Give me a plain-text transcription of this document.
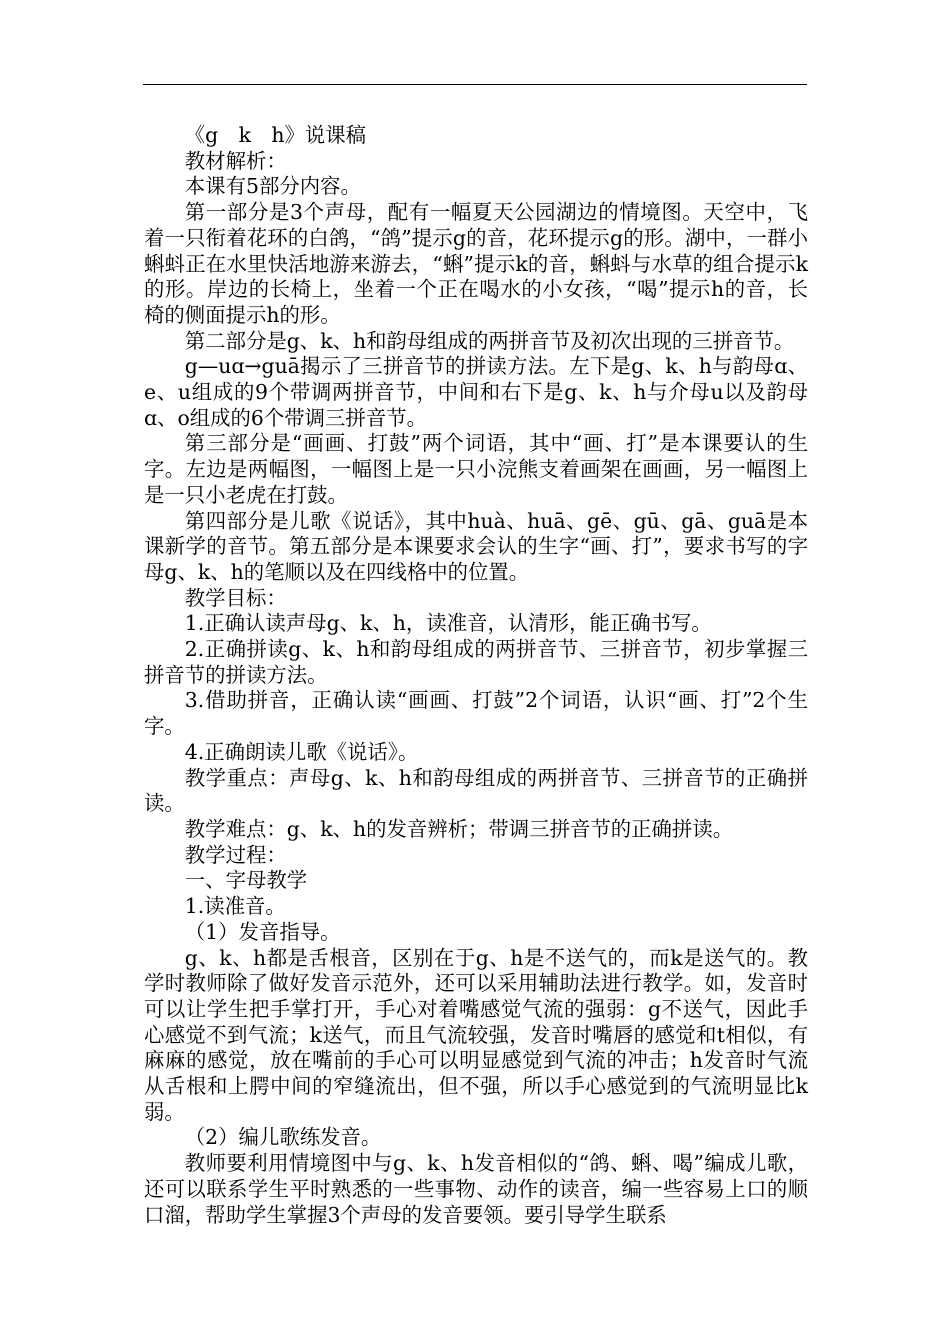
《g　k　h》说课稿

教材解析：

本课有5部分内容。

第一部分是3个声母，配有一幅夏天公园湖边的情境图。天空中，飞着一只衔着花环的白鸽，“鸽”提示g的音，花环提示g的形。湖中，一群小蝌蚪正在水里快活地游来游去，“蝌”提示k的音，蝌蚪与水草的组合提示k的形。岸边的长椅上，坐着一个正在喝水的小女孩，“喝”提示h的音，长椅的侧面提示h的形。

第二部分是g、k、h和韵母组成的两拼音节及初次出现的三拼音节。

g—uɑ→guā揭示了三拼音节的拼读方法。左下是g、k、h与韵母ɑ、e、u组成的9个带调两拼音节，中间和右下是g、k、h与介母u以及韵母ɑ、o组成的6个带调三拼音节。

第三部分是“画画、打鼓”两个词语，其中“画、打”是本课要认的生字。左边是两幅图，一幅图上是一只小浣熊支着画架在画画，另一幅图上是一只小老虎在打鼓。

第四部分是儿歌《说话》，其中huà、huā、gē、gū、gā、guā是本课新学的音节。第五部分是本课要求会认的生字“画、打”，要求书写的字母g、k、h的笔顺以及在四线格中的位置。

教学目标：

1.正确认读声母g、k、h，读准音，认清形，能正确书写。

2.正确拼读g、k、h和韵母组成的两拼音节、三拼音节，初步掌握三拼音节的拼读方法。

3.借助拼音，正确认读“画画、打鼓”2个词语，认识“画、打”2个生字。

4.正确朗读儿歌《说话》。

教学重点：声母g、k、h和韵母组成的两拼音节、三拼音节的正确拼读。

教学难点：g、k、h的发音辨析；带调三拼音节的正确拼读。

教学过程：

一、字母教学

1.读准音。

（1）发音指导。

g、k、h都是舌根音，区别在于g、h是不送气的，而k是送气的。教学时教师除了做好发音示范外，还可以采用辅助法进行教学。如，发音时可以让学生把手掌打开，手心对着嘴感觉气流的强弱：g不送气，因此手心感觉不到气流；k送气，而且气流较强，发音时嘴唇的感觉和t相似，有麻麻的感觉，放在嘴前的手心可以明显感觉到气流的冲击；h发音时气流从舌根和上腭中间的窄缝流出，但不强，所以手心感觉到的气流明显比k弱。

（2）编儿歌练发音。

教师要利用情境图中与g、k、h发音相似的“鸽、蝌、喝”编成儿歌，还可以联系学生平时熟悉的一些事物、动作的读音，编一些容易上口的顺口溜，帮助学生掌握3个声母的发音要领。要引导学生联系
